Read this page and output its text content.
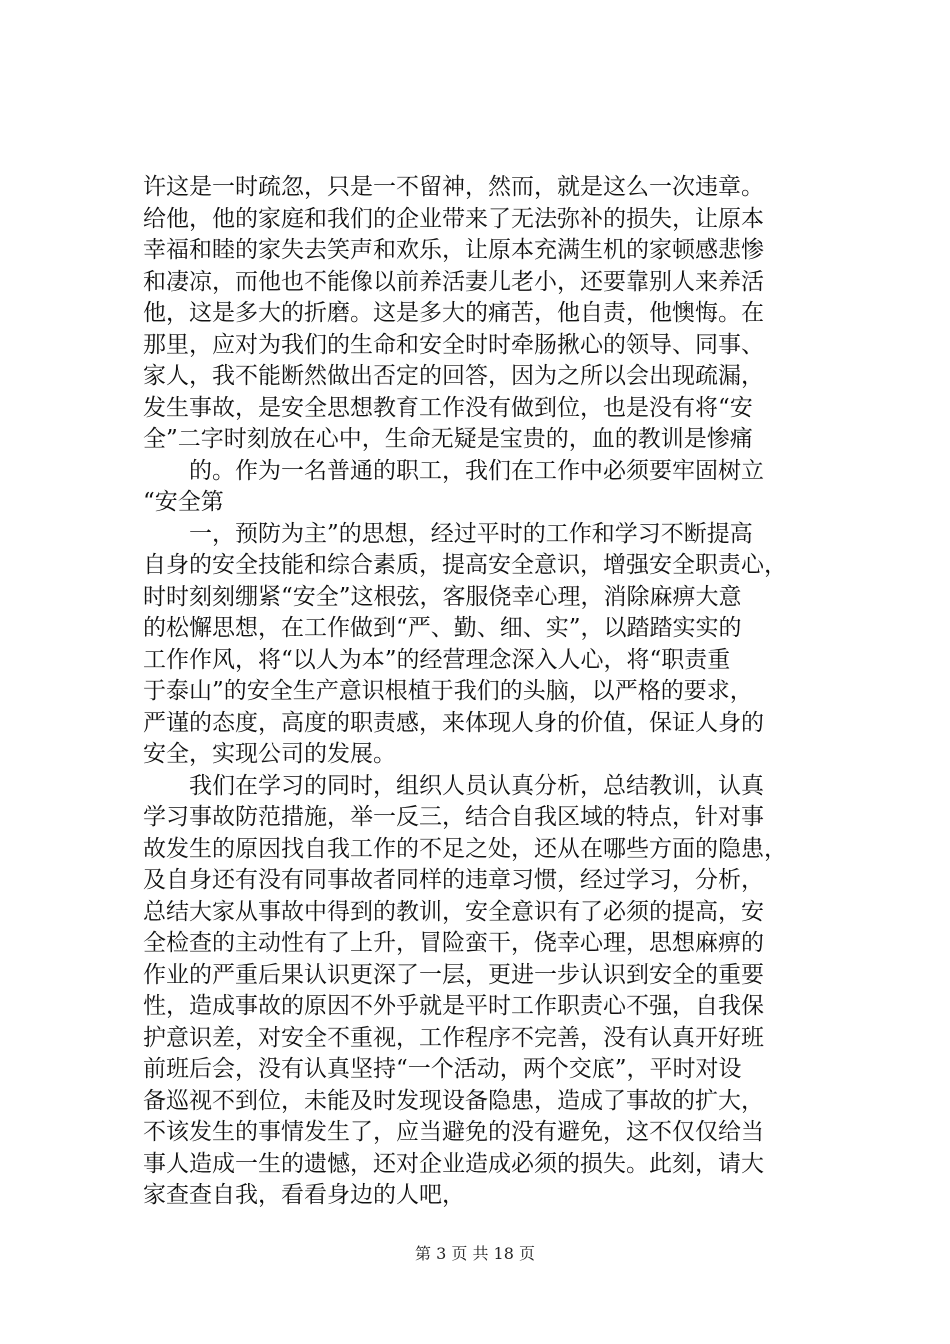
许这是一时疏忽，只是一不留神，然而，就是这么一次违章。
给他，他的家庭和我们的企业带来了无法弥补的损失，让原本
幸福和睦的家失去笑声和欢乐，让原本充满生机的家顿感悲惨
和凄凉，而他也不能像以前养活妻儿老小，还要靠别人来养活
他，这是多大的折磨。这是多大的痛苦，他自责，他懊悔。在
那里，应对为我们的生命和安全时时牵肠揪心的领导、同事、
家人，我不能断然做出否定的回答，因为之所以会出现疏漏，
发生事故，是安全思想教育工作没有做到位，也是没有将“安
全”二字时刻放在心中，生命无疑是宝贵的，血的教训是惨痛
　　的。作为一名普通的职工，我们在工作中必须要牢固树立
“安全第
　　一，预防为主”的思想，经过平时的工作和学习不断提高
自身的安全技能和综合素质，提高安全意识，增强安全职责心，
时时刻刻绷紧“安全”这根弦，客服侥幸心理，消除麻痹大意
的松懈思想，在工作做到“严、勤、细、实”，以踏踏实实的
工作作风，将“以人为本”的经营理念深入人心，将“职责重
于泰山”的安全生产意识根植于我们的头脑，以严格的要求，
严谨的态度，高度的职责感，来体现人身的价值，保证人身的
安全，实现公司的发展。
　　我们在学习的同时，组织人员认真分析，总结教训，认真
学习事故防范措施，举一反三，结合自我区域的特点，针对事
故发生的原因找自我工作的不足之处，还从在哪些方面的隐患，
及自身还有没有同事故者同样的违章习惯，经过学习，分析，
总结大家从事故中得到的教训，安全意识有了必须的提高，安
全检查的主动性有了上升，冒险蛮干，侥幸心理，思想麻痹的
作业的严重后果认识更深了一层，更进一步认识到安全的重要
性，造成事故的原因不外乎就是平时工作职责心不强，自我保
护意识差，对安全不重视，工作程序不完善，没有认真开好班
前班后会，没有认真坚持“一个活动，两个交底”，平时对设
备巡视不到位，未能及时发现设备隐患，造成了事故的扩大，
不该发生的事情发生了，应当避免的没有避免，这不仅仅给当
事人造成一生的遗憾，还对企业造成必须的损失。此刻，请大
家查查自我，看看身边的人吧，
第 3 页 共 18 页
